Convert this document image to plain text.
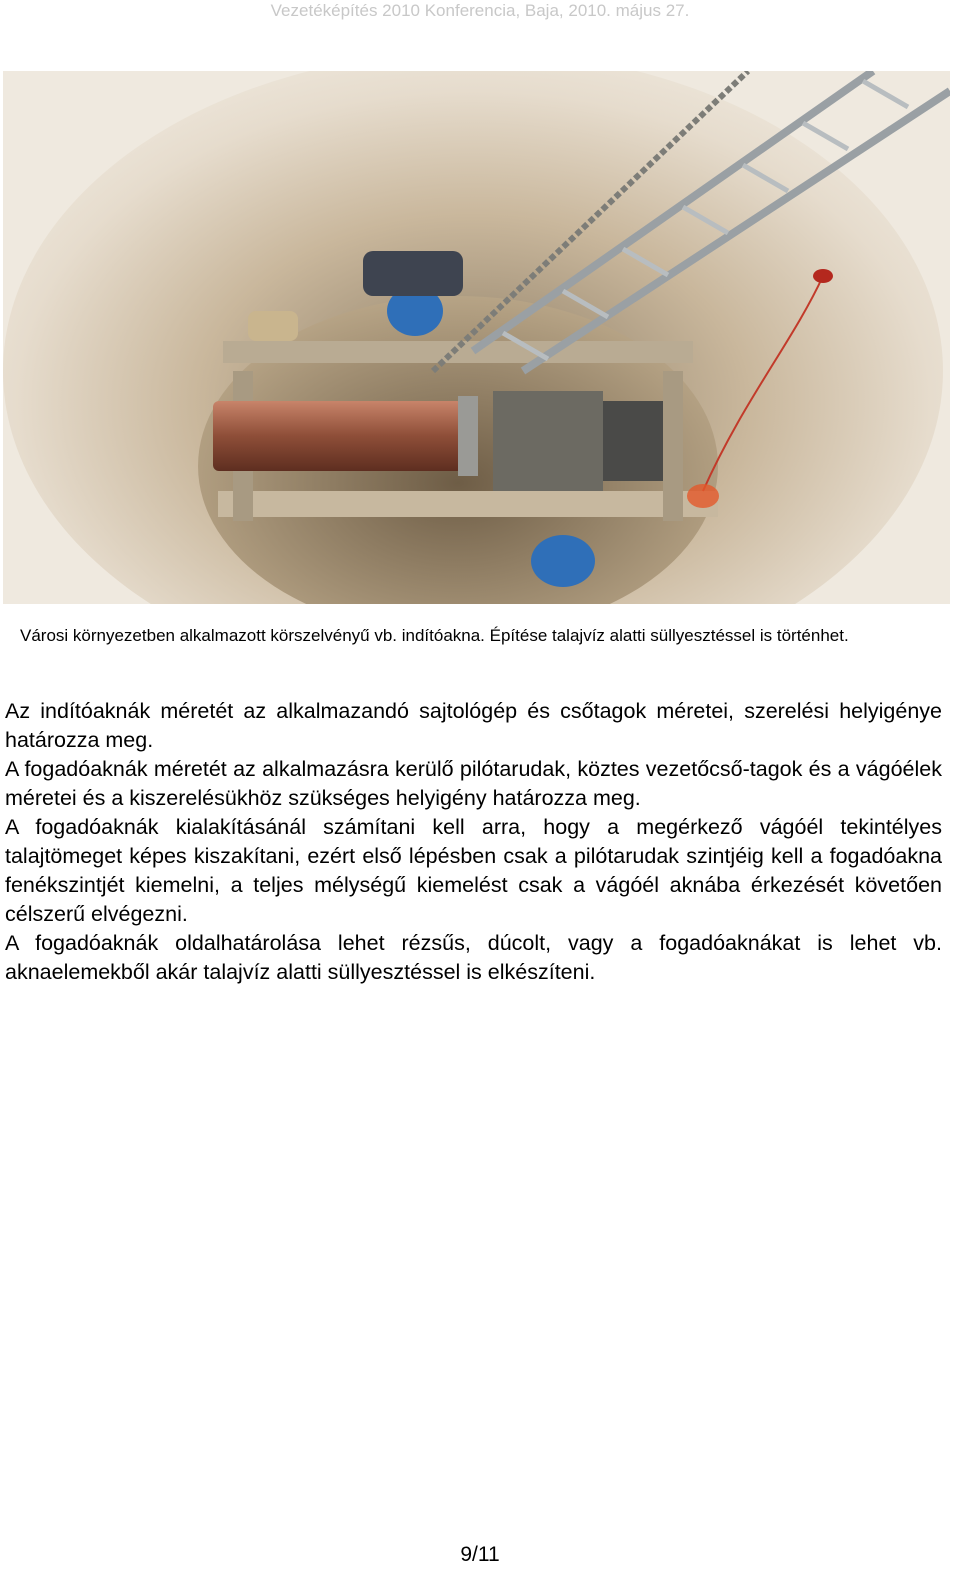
Vezetéképítés 2010 Konferencia, Baja, 2010. május 27.
Városi környezetben alkalmazott körszelvényű vb. indítóakna. Építése talajvíz alatti süllyesztéssel is történhet.

Az indítóaknák méretét az alkalmazandó sajtológép és csőtagok méretei, szerelési helyigénye határozza meg.

A fogadóaknák méretét az alkalmazásra kerülő pilótarudak, köztes vezetőcső-tagok és a vágóélek méretei és a kiszerelésükhöz szükséges helyigény határozza meg.

A fogadóaknák kialakításánál számítani kell arra, hogy a megérkező vágóél tekintélyes talajtömeget képes kiszakítani, ezért első lépésben csak a pilótarudak szintjéig kell a fogadóakna fenékszintjét kiemelni, a teljes mélységű kiemelést csak a vágóél aknába érkezését követően célszerű elvégezni.

A fogadóaknák oldalhatárolása lehet rézsűs, dúcolt, vagy a fogadóaknákat is lehet vb. aknaelemekből akár talajvíz alatti süllyesztéssel is elkészíteni.

9/11
